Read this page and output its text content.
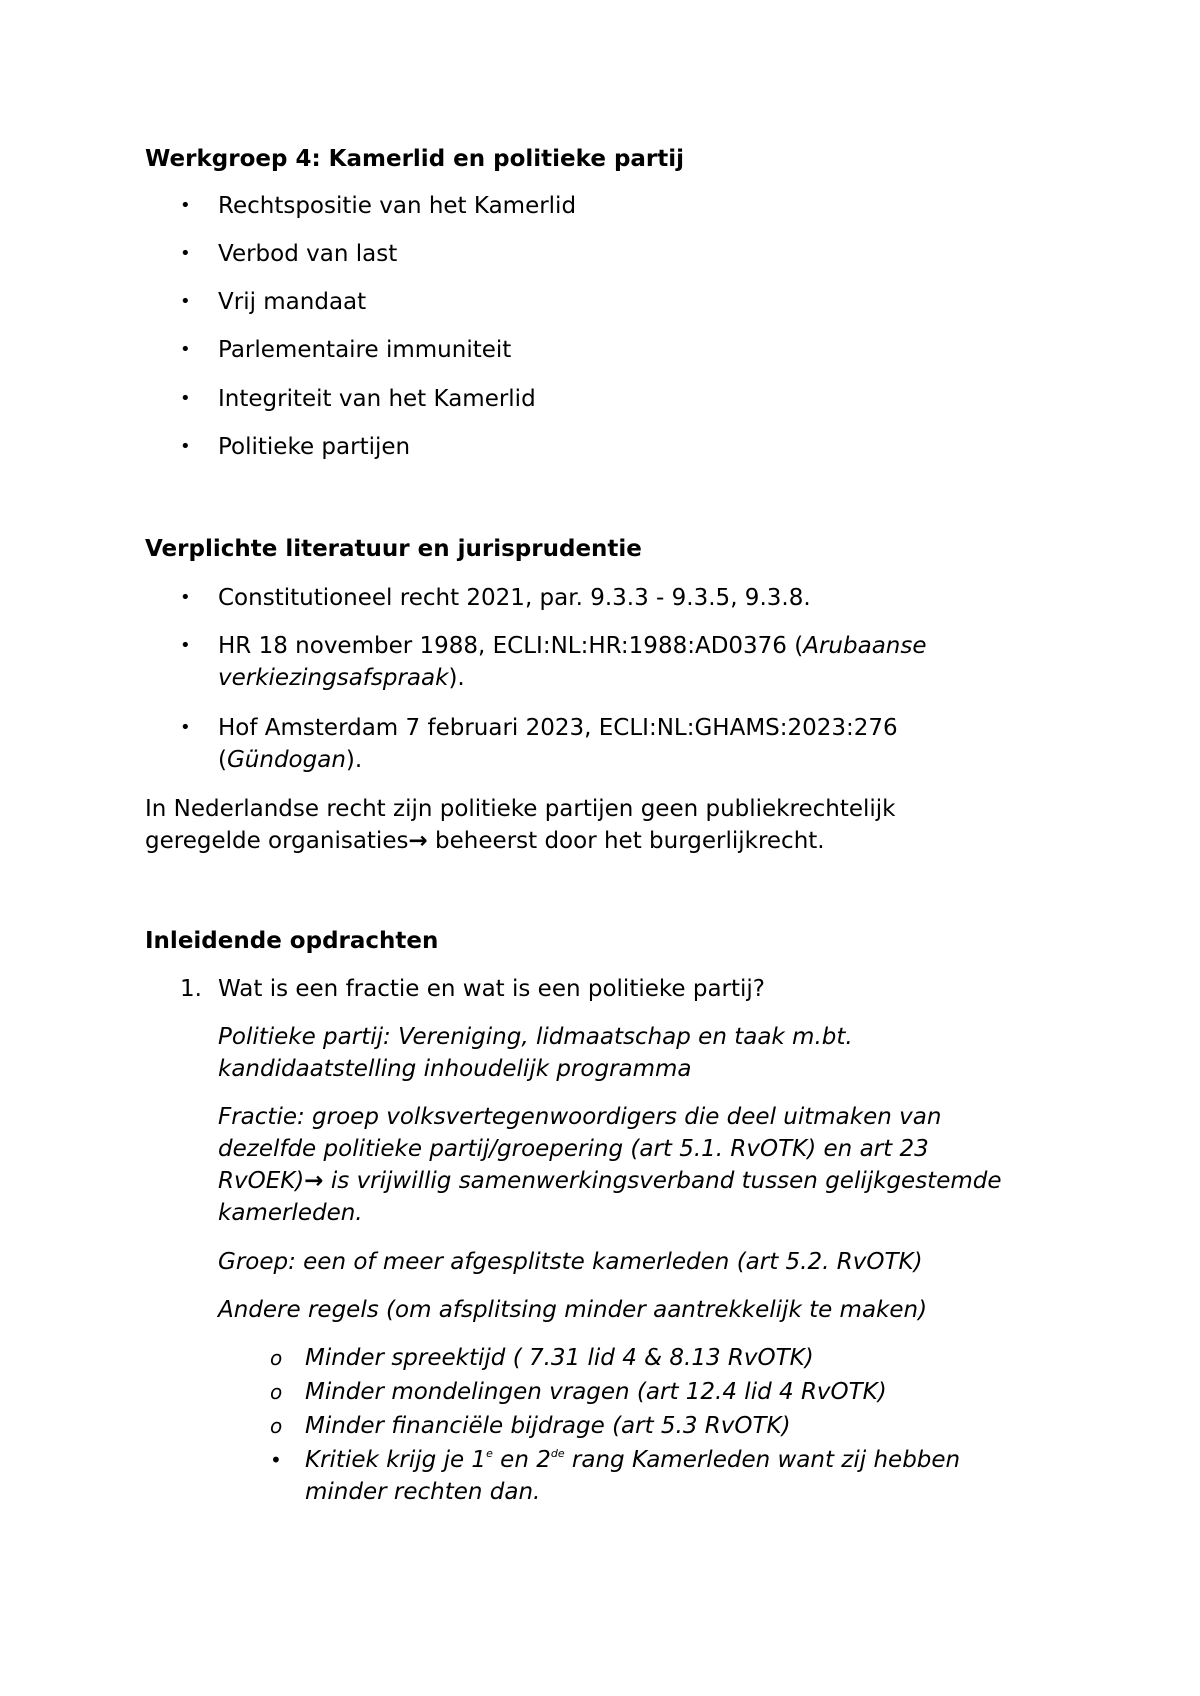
Werkgroep 4: Kamerlid en politieke partij
• Rechtspositie van het Kamerlid
• Verbod van last
• Vrij mandaat
• Parlementaire immuniteit
• Integriteit van het Kamerlid
• Politieke partijen
Verplichte literatuur en jurisprudentie
• Constitutioneel recht 2021, par. 9.3.3 - 9.3.5, 9.3.8.
• HR 18 november 1988, ECLI:NL:HR:1988:AD0376 (Arubaanse
verkiezingsafspraak).
• Hof Amsterdam 7 februari 2023, ECLI:NL:GHAMS:2023:276
(Gündogan).
In Nederlandse recht zijn politieke partijen geen publiekrechtelijk
geregelde organisaties→ beheerst door het burgerlijkrecht.
Inleidende opdrachten
1. Wat is een fractie en wat is een politieke partij?
Politieke partij: Vereniging, lidmaatschap en taak m.bt.
kandidaatstelling inhoudelijk programma
Fractie: groep volksvertegenwoordigers die deel uitmaken van
dezelfde politieke partij/groepering (art 5.1. RvOTK) en art 23
RvOEK)→ is vrijwillig samenwerkingsverband tussen gelijkgestemde
kamerleden.
Groep: een of meer afgesplitste kamerleden (art 5.2. RvOTK)
Andere regels (om afsplitsing minder aantrekkelijk te maken)
o Minder spreektijd ( 7.31 lid 4 & 8.13 RvOTK)
o Minder mondelingen vragen (art 12.4 lid 4 RvOTK)
o Minder financiële bijdrage (art 5.3 RvOTK)
• Kritiek krijg je 1e en 2de rang Kamerleden want zij hebben
minder rechten dan.
